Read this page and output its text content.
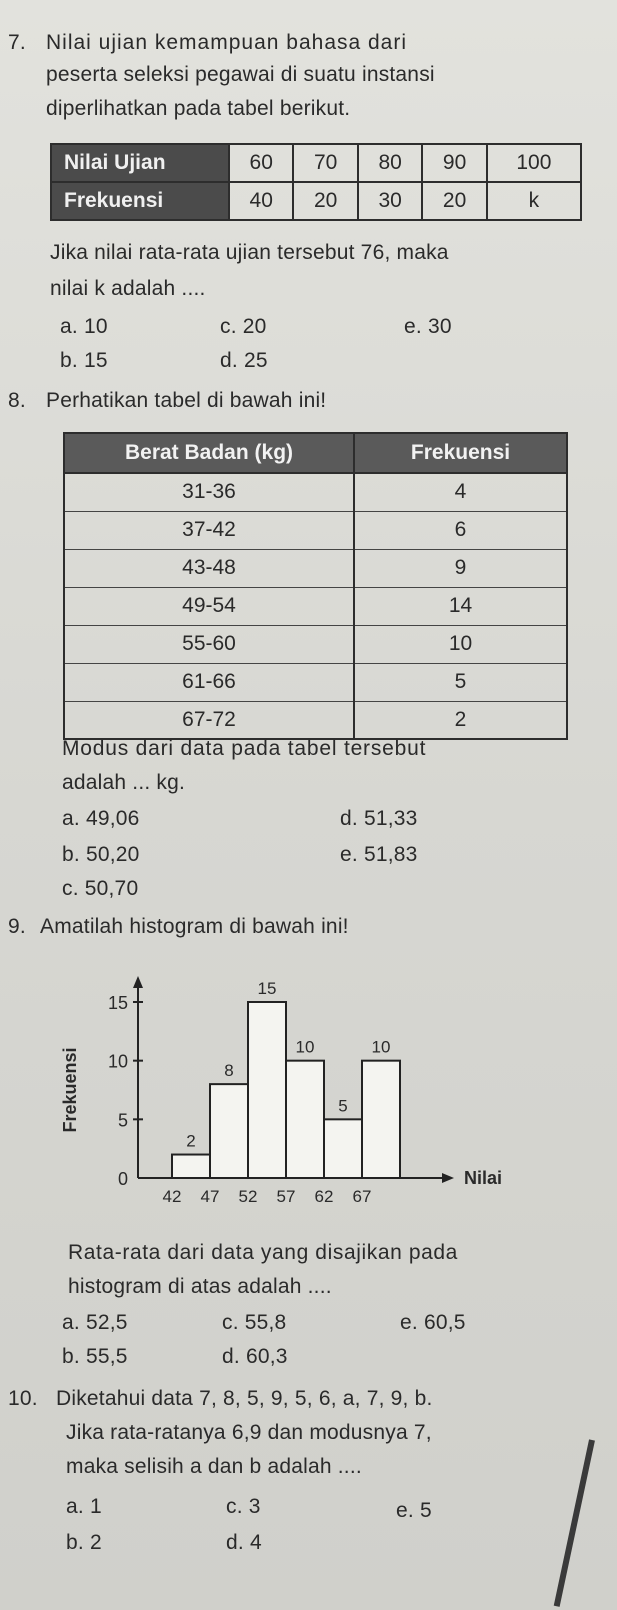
7. Nilai ujian kemampuan bahasa dari
peserta seleksi pegawai di suatu instansi
diperlihatkan pada tabel berikut.
Nilai Ujian	60	70	80	90	100
Frekuensi	40	20	30	20	k
Jika nilai rata-rata ujian tersebut 76, maka
nilai k adalah ....
a. 10	c. 20	e. 30
b. 15	d. 25
8. Perhatikan tabel di bawah ini!
Berat Badan (kg)	Frekuensi
31-36	4
37-42	6
43-48	9
49-54	14
55-60	10
61-66	5
67-72	2
Modus dari data pada tabel tersebut
adalah ... kg.
a. 49,06	d. 51,33
b. 50,20	e. 51,83
c. 50,70
9. Amatilah histogram di bawah ini!
0
5
10
15
Frekuensi
2
8
15
10
5
10
42 47 52 57 62 67
Nilai
Rata-rata dari data yang disajikan pada
histogram di atas adalah ....
a. 52,5	c. 55,8	e. 60,5
b. 55,5	d. 60,3
10. Diketahui data 7, 8, 5, 9, 5, 6, a, 7, 9, b.
Jika rata-ratanya 6,9 dan modusnya 7,
maka selisih a dan b adalah ....
a. 1	c. 3	e. 5
b. 2	d. 4
